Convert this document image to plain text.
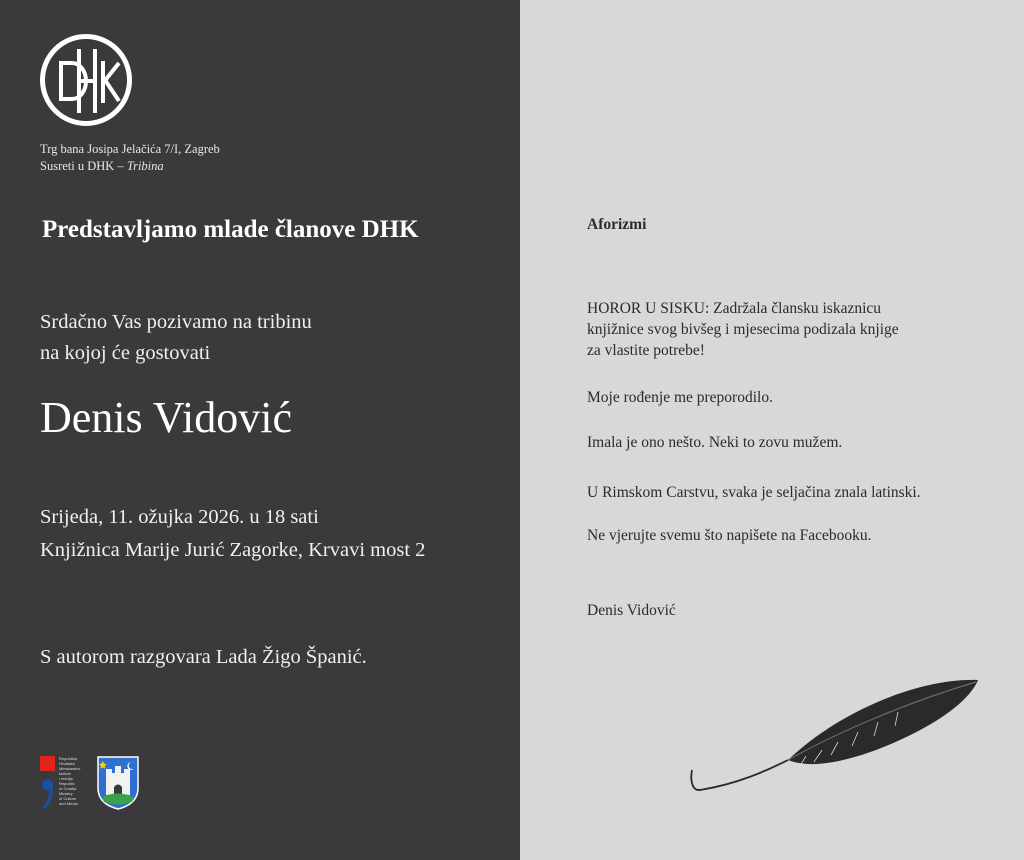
Trg bana Josipa Jelačića 7/I, Zagreb
Susreti u DHK – Tribina
Predstavljamo mlade članove DHK
Srdačno Vas pozivamo na tribinu
na kojoj će gostovati
Denis Vidović
Srijeda, 11. ožujka 2026. u 18 sati
Knjižnica Marije Jurić Zagorke, Krvavi most 2
S autorom razgovara Lada Žigo Španić.
Republika
Hrvatska
Ministarstvo
kulture
i medija
Republic
of Croatia
Ministry
of Culture
and Media
Aforizmi
HOROR U SISKU: Zadržala člansku iskaznicu
knjižnice svog bivšeg i mjesecima podizala knjige
za vlastite potrebe!
Moje rođenje me preporodilo.
Imala je ono nešto. Neki to zovu mužem.
U Rimskom Carstvu, svaka je seljačina znala latinski.
Ne vjerujte svemu što napišete na Facebooku.
Denis Vidović
